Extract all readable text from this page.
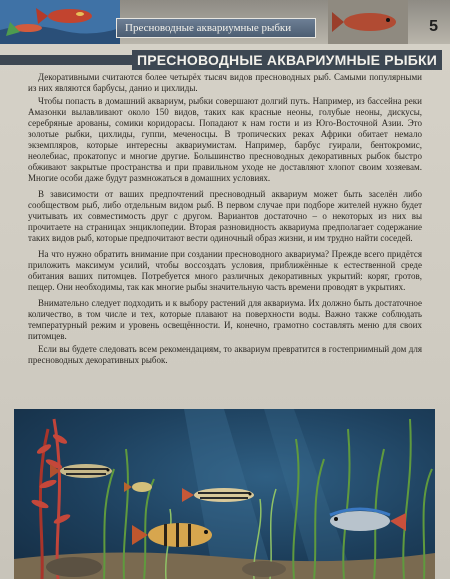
Пресноводные аквариумные рыбки	5
ПРЕСНОВОДНЫЕ АКВАРИУМНЫЕ РЫБКИ

Декоративными считаются более четырёх тысяч видов пресноводных рыб. Самыми популярными из них являются барбусы, данио и цихлиды.

Чтобы попасть в домашний аквариум, рыбки совершают долгий путь. Например, из бассейна реки Амазонки вылавливают около 150 видов, таких как красные неоны, голубые неоны, дискусы, серебряные арованы, сомики коридорасы. Попадают к нам гости и из Юго-Восточной Азии. Это золотые рыбки, цихлиды, гуппи, меченосцы. В тропических реках Африки обитает немало экземпляров, которые интересны аквариумистам. Например, барбус гуирали, бентокромис, неолебиас, прокатопус и многие другие. Большинство пресноводных декоративных рыбок быстро обживают закрытые пространства и при правильном уходе не доставляют хлопот своим хозяевам. Многие особи даже будут размножаться в домашних условиях.

В зависимости от ваших предпочтений пресноводный аквариум может быть заселён либо сообществом рыб, либо отдельным видом рыб. В первом случае при подборе жителей нужно будет учитывать их совместимость друг с другом. Вариантов достаточно – о некоторых из них вы прочитаете на страницах энциклопедии. Вторая разновидность аквариума предполагает содержание таких видов рыб, которые предпочитают вести одиночный образ жизни, и им трудно найти соседей.

На что нужно обратить внимание при создании пресноводного аквариума? Прежде всего придётся приложить максимум усилий, чтобы воссоздать условия, приближённые к естественной среде обитания ваших питомцев. Потребуется много различных декоративных укрытий: коряг, гротов, пещер. Они необходимы, так как многие рыбы значительную часть времени проводят в укрытиях.

Внимательно следует подходить и к выбору растений для аквариума. Их должно быть достаточное количество, в том числе и тех, которые плавают на поверхности воды. Важно также соблюдать температурный режим и уровень освещённости. И, конечно, грамотно составлять меню для своих питомцев.

Если вы будете следовать всем рекомендациям, то аквариум превратится в гостеприимный дом для пресноводных декоративных рыбок.
